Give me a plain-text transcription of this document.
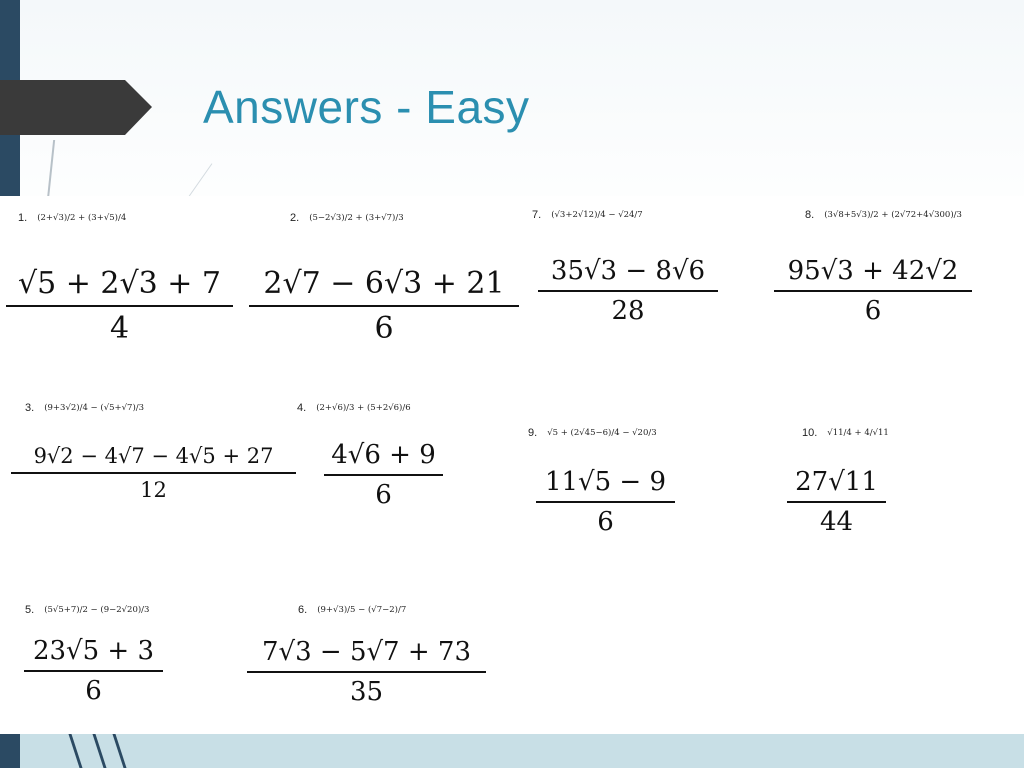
Answers - Easy
1. (2+√3)/2 + (3+√5)/4	2. (5−2√3)/2 + (3+√7)/3	7. (√3+2√12)/4 − √24/7	8. (3√8+5√3)/2 + (2√72+4√300)/3
3. (9+3√2)/4 − (√5+√7)/3	4. (2+√6)/3 + (5+2√6)/6
9. √5 + (2√45−6)/4 − √20/3	10. √11/4 + 4/√11
5. (5√5+7)/2 − (9−2√20)/3	6. (9+√3)/5 − (√7−2)/7
√5 + 2√3 + 7
4
2√7 − 6√3 + 21
6
35√3 − 8√6
28
95√3 + 42√2
6
9√2 − 4√7 − 4√5 + 27
12
4√6 + 9
6	11√5 − 9
6
27√11
44
23√5 + 3
6
7√3 − 5√7 + 73
35
